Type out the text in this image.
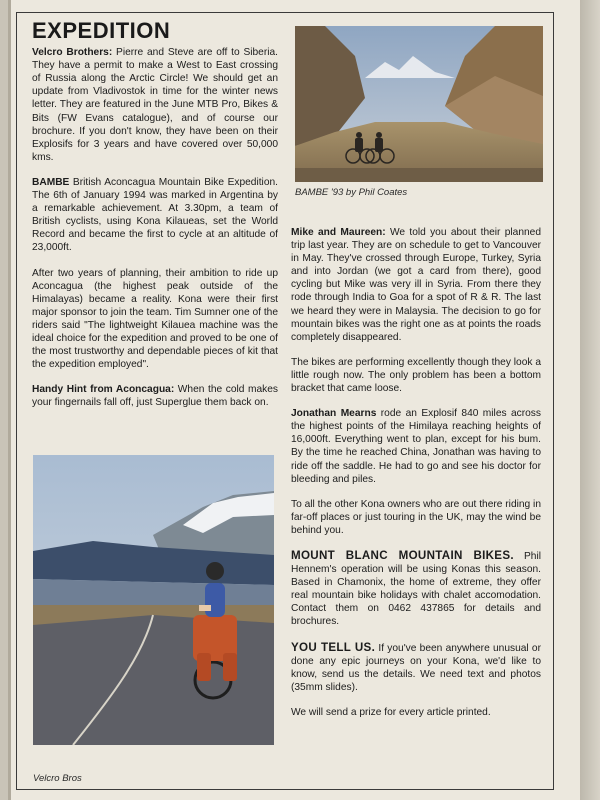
EXPEDITION

Velcro Brothers: Pierre and Steve are off to Siberia. They have a permit to make a West to East crossing of Russia along the Arctic Circle! We should get an update from Vladivostok in time for the winter news letter. They are featured in the June MTB Pro, Bikes & Bits (FW Evans catalogue), and of course our brochure. If you don't know, they have been on their Explosifs for 3 years and have covered over 50,000 kms.

BAMBE British Aconcagua Mountain Bike Expedition. The 6th of January 1994 was marked in Argentina by a remarkable achievement. At 3.30pm, a team of British cyclists, using Kona Kilaueas, set the World Record and became the first to cycle at an altitude of 23,000ft.

After two years of planning, their ambition to ride up Aconcagua (the highest peak outside of the Himalayas) became a reality. Kona were their first major sponsor to join the team. Tim Sumner one of the riders said "The lightweight Kilauea machine was the ideal choice for the expedition and proved to be one of the most trustworthy and dependable pieces of kit that the expedition employed".

Handy Hint from Aconcagua: When the cold makes your fingernails fall off, just Superglue them back on.

BAMBE '93 by Phil Coates
Velcro Bros

Mike and Maureen: We told you about their planned trip last year. They are on schedule to get to Vancouver in May. They've crossed through Europe, Turkey, Syria and into Jordan (we got a card from there), good cycling but Mike was very ill in Syria. From there they rode through India to Goa for a spot of R & R. The last we heard they were in Malaysia. The decision to go for mountain bikes was the right one as at points the roads completely disappeared.

The bikes are performing excellently though they look a little rough now. The only problem has been a bottom bracket that came loose.

Jonathan Mearns rode an Explosif 840 miles across the highest points of the Himilaya reaching heights of 16,000ft. Everything went to plan, except for his bum. By the time he reached China, Jonathan was having to ride off the saddle. He had to go and see his doctor for bleeding and piles.

To all the other Kona owners who are out there riding in far-off places or just touring in the UK, may the wind be behind you.

MOUNT BLANC MOUNTAIN BIKES. Phil Hennem's operation will be using Konas this season. Based in Chamonix, the home of extreme, they offer real mountain bike holidays with chalet accomodation. Contact them on 0462 437865 for details and brochures.

YOU TELL US. If you've been anywhere unusual or done any epic journeys on your Kona, we'd like to know, send us the details. We need text and photos (35mm slides).

We will send a prize for every article printed.
